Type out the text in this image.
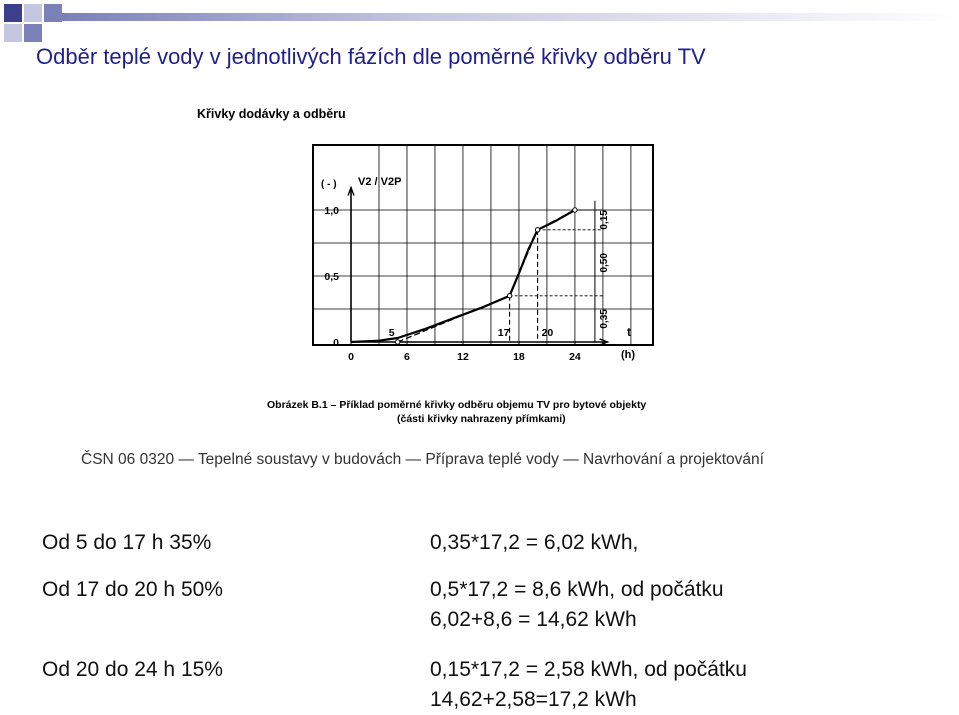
Odběr teplé vody v jednotlivých fázích dle poměrné křivky odběru TV
Křivky dodávky a odběru
( - ) V2 / V2P
t
(h)
0	6	12	18	24
0
0,5
1,0
5	17	20
0,15
0,50
0,35
Obrázek B.1 – Příklad poměrné křivky odběru objemu TV pro bytové objekty
(části křivky nahrazeny přímkami)
ČSN 06 0320 — Tepelné soustavy v budovách — Příprava teplé vody — Navrhování a projektování
Od 5 do 17 h 35%	0,35*17,2 = 6,02 kWh,
Od 17 do 20 h 50%	0,5*17,2 = 8,6 kWh, od počátku
6,02+8,6 = 14,62 kWh
Od 20 do 24 h 15%	0,15*17,2 = 2,58 kWh, od počátku
14,62+2,58=17,2 kWh
